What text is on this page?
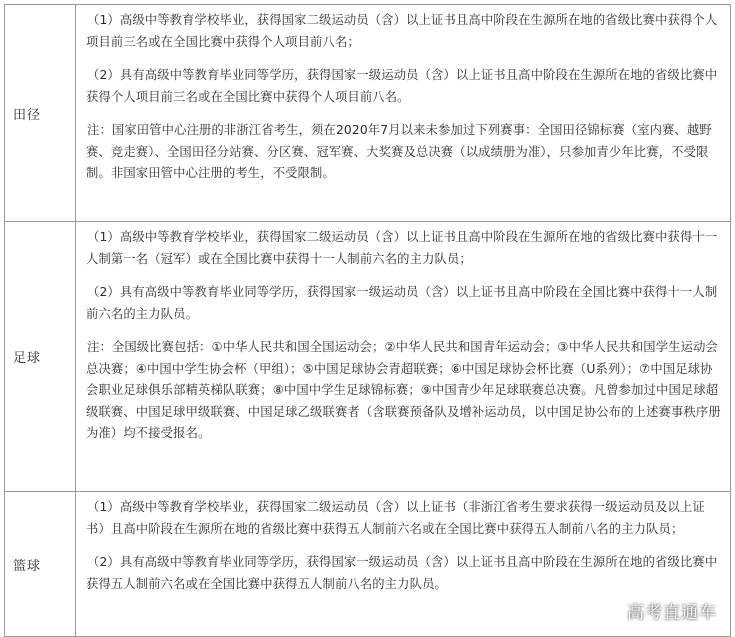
田径	（1）高级中等教育学校毕业，获得国家二级运动员（含）以上证书且高中阶段在生源所在地的省级比赛中获得个人项目前三名或在全国比赛中获得个人项目前八名；

（2）具有高级中等教育毕业同等学历，获得国家一级运动员（含）以上证书且高中阶段在生源所在地的省级比赛中获得个人项目前三名或在全国比赛中获得个人项目前八名。

注：国家田管中心注册的非浙江省考生，须在2020年7月以来未参加过下列赛事：全国田径锦标赛（室内赛、越野赛、竞走赛）、全国田径分站赛、分区赛、冠军赛、大奖赛及总决赛（以成绩册为准），只参加青少年比赛，不受限制。非国家田管中心注册的考生，不受限制。

足球	（1）高级中等教育学校毕业，获得国家二级运动员（含）以上证书且高中阶段在生源所在地的省级比赛中获得十一人制第一名（冠军）或在全国比赛中获得十一人制前六名的主力队员；

（2）具有高级中等教育毕业同等学历，获得国家一级运动员（含）以上证书且高中阶段在全国比赛中获得十一人制前六名的主力队员。

注：全国级比赛包括：①中华人民共和国全国运动会；②中华人民共和国青年运动会；③中华人民共和国学生运动会总决赛；④中国中学生协会杯（甲组）；⑤中国足球协会青超联赛；⑥中国足球协会杯比赛（U系列）；⑦中国足球协会职业足球俱乐部精英梯队联赛；⑧中国中学生足球锦标赛；⑨中国青少年足球联赛总决赛。凡曾参加过中国足球超级联赛、中国足球甲级联赛、中国足球乙级联赛者（含联赛预备队及增补运动员，以中国足协公布的上述赛事秩序册为准）均不接受报名。

篮球	（1）高级中等教育学校毕业，获得国家二级运动员（含）以上证书（非浙江省考生要求获得一级运动员及以上证书）且高中阶段在生源所在地的省级比赛中获得五人制前六名或在全国比赛中获得五人制前八名的主力队员；

（2）具有高级中等教育毕业同等学历，获得国家一级运动员（含）以上证书且高中阶段在生源所在地的省级比赛中获得五人制前六名或在全国比赛中获得五人制前八名的主力队员。

高考直通车
